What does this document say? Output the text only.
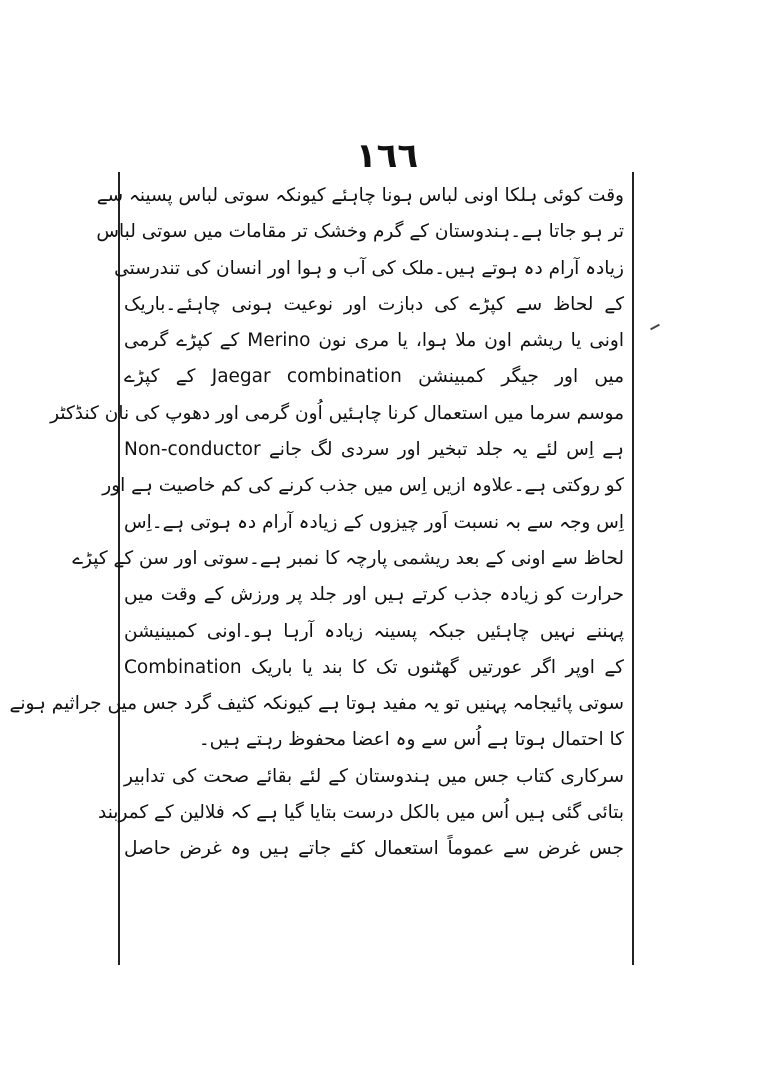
١٦٦
وقت کوئی ہلکا اونی لباس ہونا چاہئے کیونکہ سوتی لباس پسینہ سے
تر ہو جاتا ہے۔ہندوستان کے گرم وخشک تر مقامات میں سوتی لباس
زیادہ آرام دہ ہوتے ہیں۔ملک کی آب و ہوا اور انسان کی تندرستی
کے لحاظ سے کپڑے کی دبازت اور نوعیت ہونی چاہئے۔باریک
اونی یا ریشم اون ملا ہوا، یا مری نون Merino کے کپڑے گرمی
میں اور جیگر کمبینشن Jaegar combination کے کپڑے
موسم سرما میں استعمال کرنا چاہئیں اُون گرمی اور دھوپ کی نان کنڈکٹر
Non-conductor ہے اِس لئے یہ جلد تبخیر اور سردی لگ جانے
کو روکتی ہے۔علاوہ ازیں اِس میں جذب کرنے کی کم خاصیت ہے اور
اِس وجہ سے بہ نسبت اَور چیزوں کے زیادہ آرام دہ ہوتی ہے۔اِس
لحاظ سے اونی کے بعد ریشمی پارچہ کا نمبر ہے۔سوتی اور سن کے کپڑے
حرارت کو زیادہ جذب کرتے ہیں اور جلد پر ورزش کے وقت میں
پہننے نہیں چاہئیں جبکہ پسینہ زیادہ آرہا ہو۔اونی کمبینیشن
Combination کے اوپر اگر عورتیں گھٹنوں تک کا بند یا باریک
سوتی پائیجامہ پہنیں تو یہ مفید ہوتا ہے کیونکہ کثیف گرد جس میں جراثیم ہونے
کا احتمال ہوتا ہے اُس سے وہ اعضا محفوظ رہتے ہیں۔
سرکاری کتاب جس میں ہندوستان کے لئے بقائے صحت کی تدابیر
بتائی گئی ہیں اُس میں بالکل درست بتایا گیا ہے کہ فلالین کے کمربند
جس غرض سے عموماً استعمال کئے جاتے ہیں وہ غرض حاصل
